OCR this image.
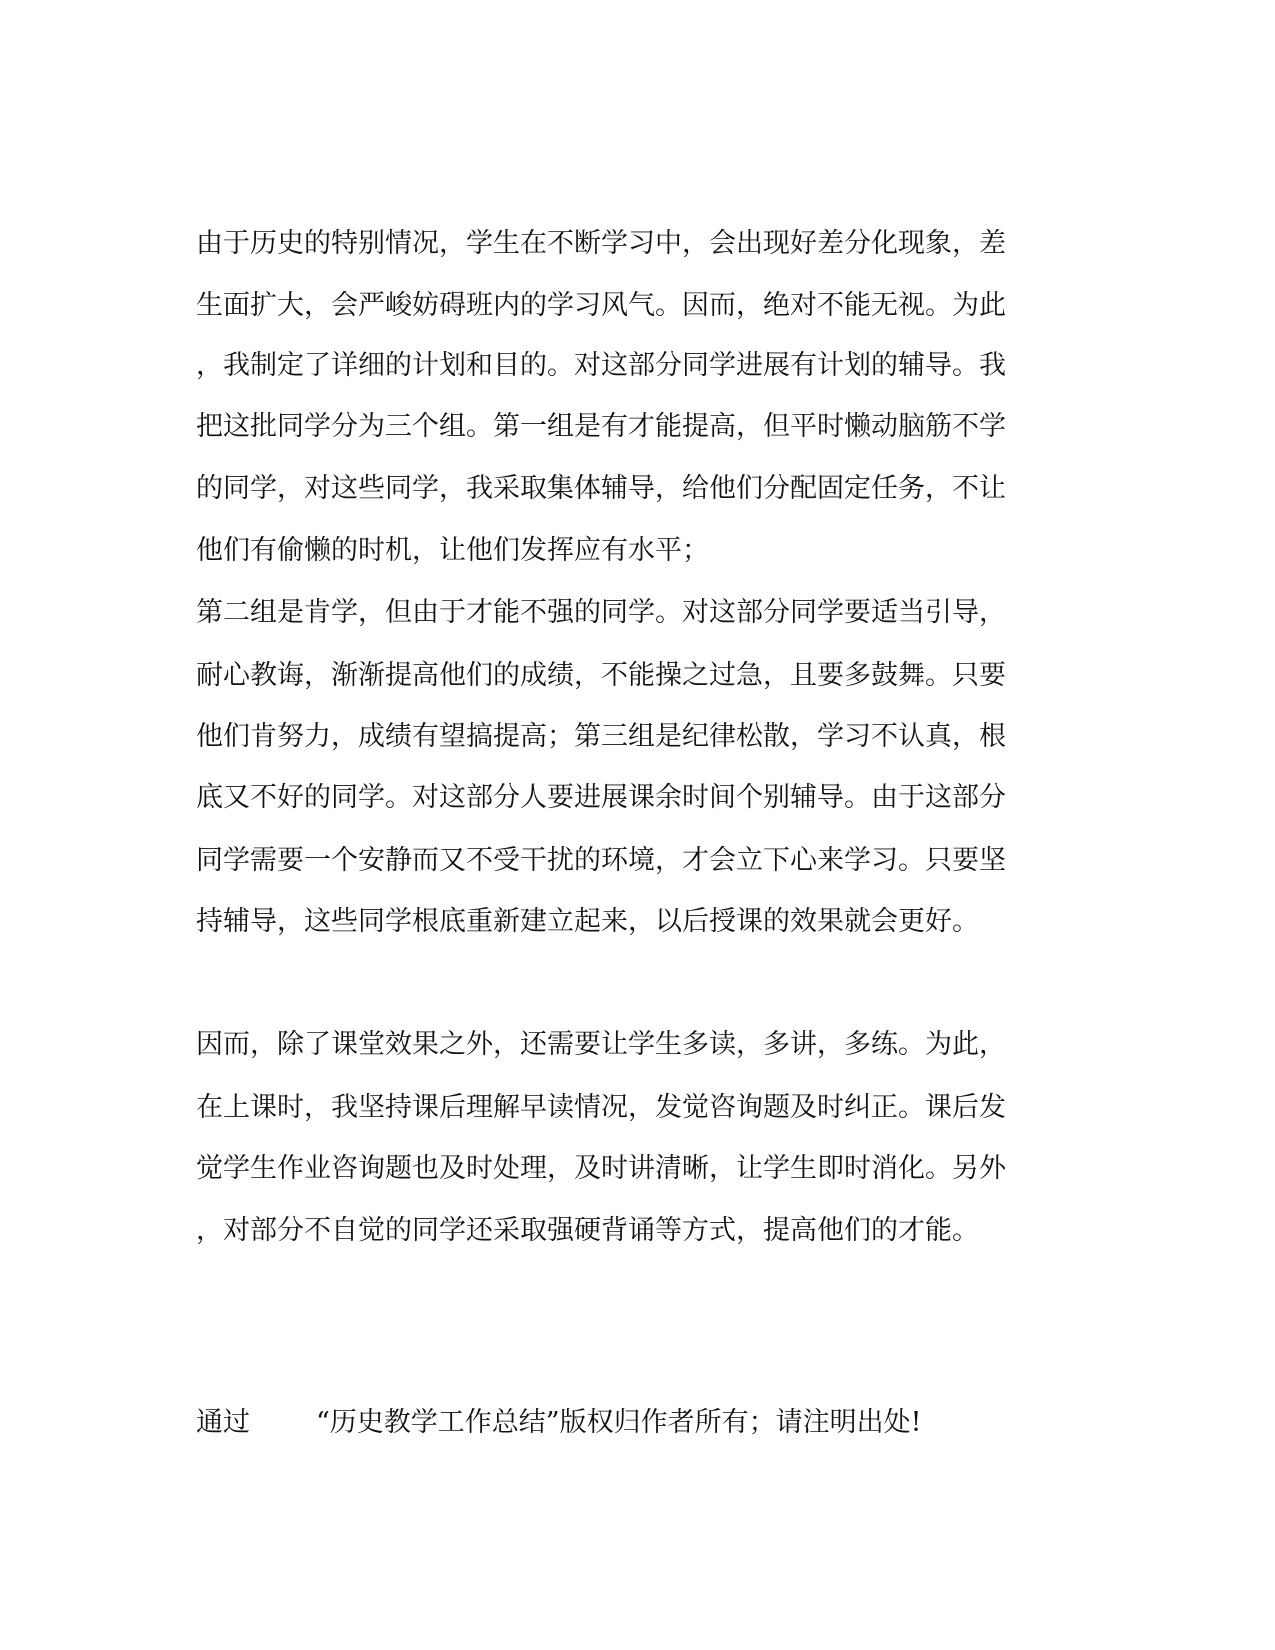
由于历史的特别情况，学生在不断学习中，会出现好差分化现象，差

生面扩大，会严峻妨碍班内的学习风气。因而，绝对不能无视。为此

，我制定了详细的计划和目的。对这部分同学进展有计划的辅导。我

把这批同学分为三个组。第一组是有才能提高，但平时懒动脑筋不学

的同学，对这些同学，我采取集体辅导，给他们分配固定任务，不让

他们有偷懒的时机，让他们发挥应有水平；

第二组是肯学，但由于才能不强的同学。对这部分同学要适当引导，

耐心教诲，渐渐提高他们的成绩，不能操之过急，且要多鼓舞。只要

他们肯努力，成绩有望搞提高；第三组是纪律松散，学习不认真，根

底又不好的同学。对这部分人要进展课余时间个别辅导。由于这部分

同学需要一个安静而又不受干扰的环境，才会立下心来学习。只要坚

持辅导，这些同学根底重新建立起来，以后授课的效果就会更好。

因而，除了课堂效果之外，还需要让学生多读，多讲，多练。为此，

在上课时，我坚持课后理解早读情况，发觉咨询题及时纠正。课后发

觉学生作业咨询题也及时处理，及时讲清晰，让学生即时消化。另外

，对部分不自觉的同学还采取强硬背诵等方式，提高他们的才能。

通过 “历史教学工作总结”版权归作者所有；请注明出处!
